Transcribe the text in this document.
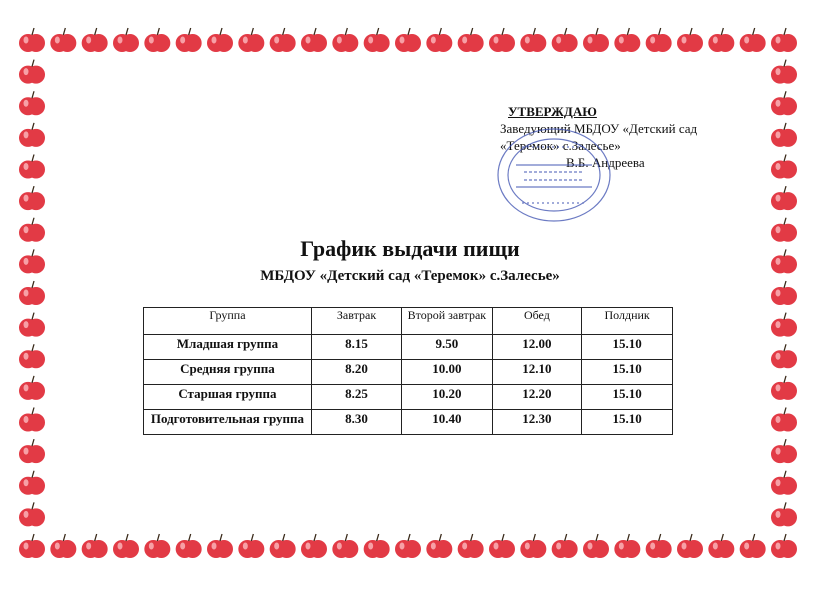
УТВЕРЖДАЮ
Заведующий МБДОУ «Детский сад
«Теремок» с.Залесье»
В.Б. Андреева
График выдачи пищи
МБДОУ «Детский сад «Теремок» с.Залесье»
Группа	Завтрак	Второй завтрак	Обед	Полдник
Младшая группа	8.15	9.50	12.00	15.10
Средняя группа	8.20	10.00	12.10	15.10
Старшая группа	8.25	10.20	12.20	15.10
Подготовительная группа	8.30	10.40	12.30	15.10
